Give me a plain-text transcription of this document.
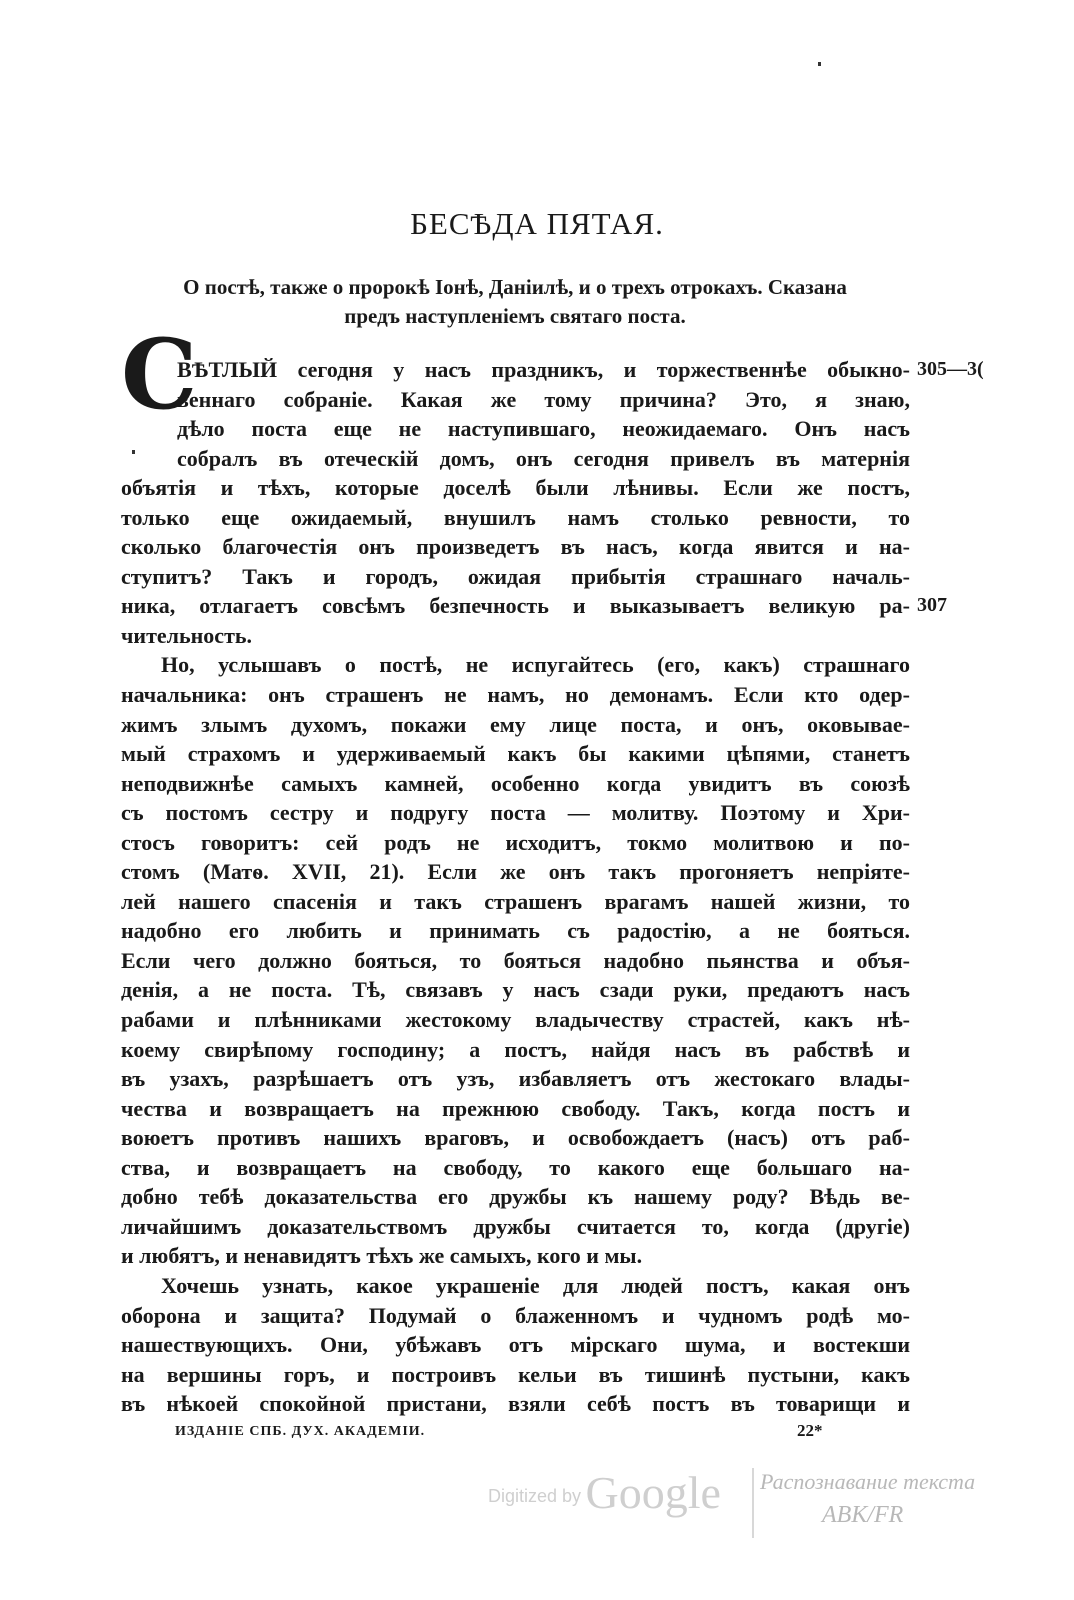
БЕСѢДА ПЯТАЯ.
О постѣ, также о пророкѣ Іонѣ, Даніилѣ, и о трехъ отрокахъ. Сказана
предъ наступленіемъ святаго поста.
С
ВѢТЛЫЙ сегодня у насъ праздникъ, и торжественнѣе обыкно-
веннаго собраніе. Какая же тому причина? Это, я знаю,
дѣло поста еще не наступившаго, неожидаемаго. Онъ насъ
собралъ въ отеческій домъ, онъ сегодня привелъ въ матернія
объятія и тѣхъ, которые доселѣ были лѣнивы. Если же постъ,
только еще ожидаемый, внушилъ намъ столько ревности, то
сколько благочестія онъ произведетъ въ насъ, когда явится и на-
ступитъ? Такъ и городъ, ожидая прибытія страшнаго началь-
ника, отлагаетъ совсѣмъ безпечность и выказываетъ великую ра-
чительность.
Но, услышавъ о постѣ, не испугайтесь (его, какъ) страшнаго
начальника: онъ страшенъ не намъ, но демонамъ. Если кто одер-
жимъ злымъ духомъ, покажи ему лице поста, и онъ, оковывае-
мый страхомъ и удерживаемый какъ бы какими цѣпями, станетъ
неподвижнѣе самыхъ камней, особенно когда увидитъ въ союзѣ
съ постомъ сестру и подругу поста — молитву. Поэтому и Хри-
стосъ говоритъ: сей родъ не исходитъ, токмо молитвою и по-
стомъ (Матѳ. XVII, 21). Если же онъ такъ прогоняетъ непріяте-
лей нашего спасенія и такъ страшенъ врагамъ нашей жизни, то
надобно его любить и принимать съ радостію, а не бояться.
Если чего должно бояться, то бояться надобно пьянства и объя-
денія, а не поста. Тѣ, связавъ у насъ сзади руки, предаютъ насъ
рабами и плѣнниками жестокому владычеству страстей, какъ нѣ-
коему свирѣпому господину; а постъ, найдя насъ въ рабствѣ и
въ узахъ, разрѣшаетъ отъ узъ, избавляетъ отъ жестокаго влады-
чества и возвращаетъ на прежнюю свободу. Такъ, когда постъ и
воюетъ противъ нашихъ враговъ, и освобождаетъ (насъ) отъ раб-
ства, и возвращаетъ на свободу, то какого еще большаго на-
добно тебѣ доказательства его дружбы къ нашему роду? Вѣдь ве-
личайшимъ доказательствомъ дружбы считается то, когда (другіе)
и любятъ, и ненавидятъ тѣхъ же самыхъ, кого и мы.
Хочешь узнать, какое украшеніе для людей постъ, какая онъ
оборона и защита? Подумай о блаженномъ и чудномъ родѣ мо-
нашествующихъ. Они, убѣжавъ отъ мірскаго шума, и востекши
на вершины горъ, и построивъ кельи въ тишинѣ пустыни, какъ
въ нѣкоей спокойной пристани, взяли себѣ постъ въ товарищи и
305—3(
307
ИЗДАНІЕ СПБ. ДУХ. АКАДЕМІИ.	22*
Digitized by Google Распознавание текста
ABK/FR
